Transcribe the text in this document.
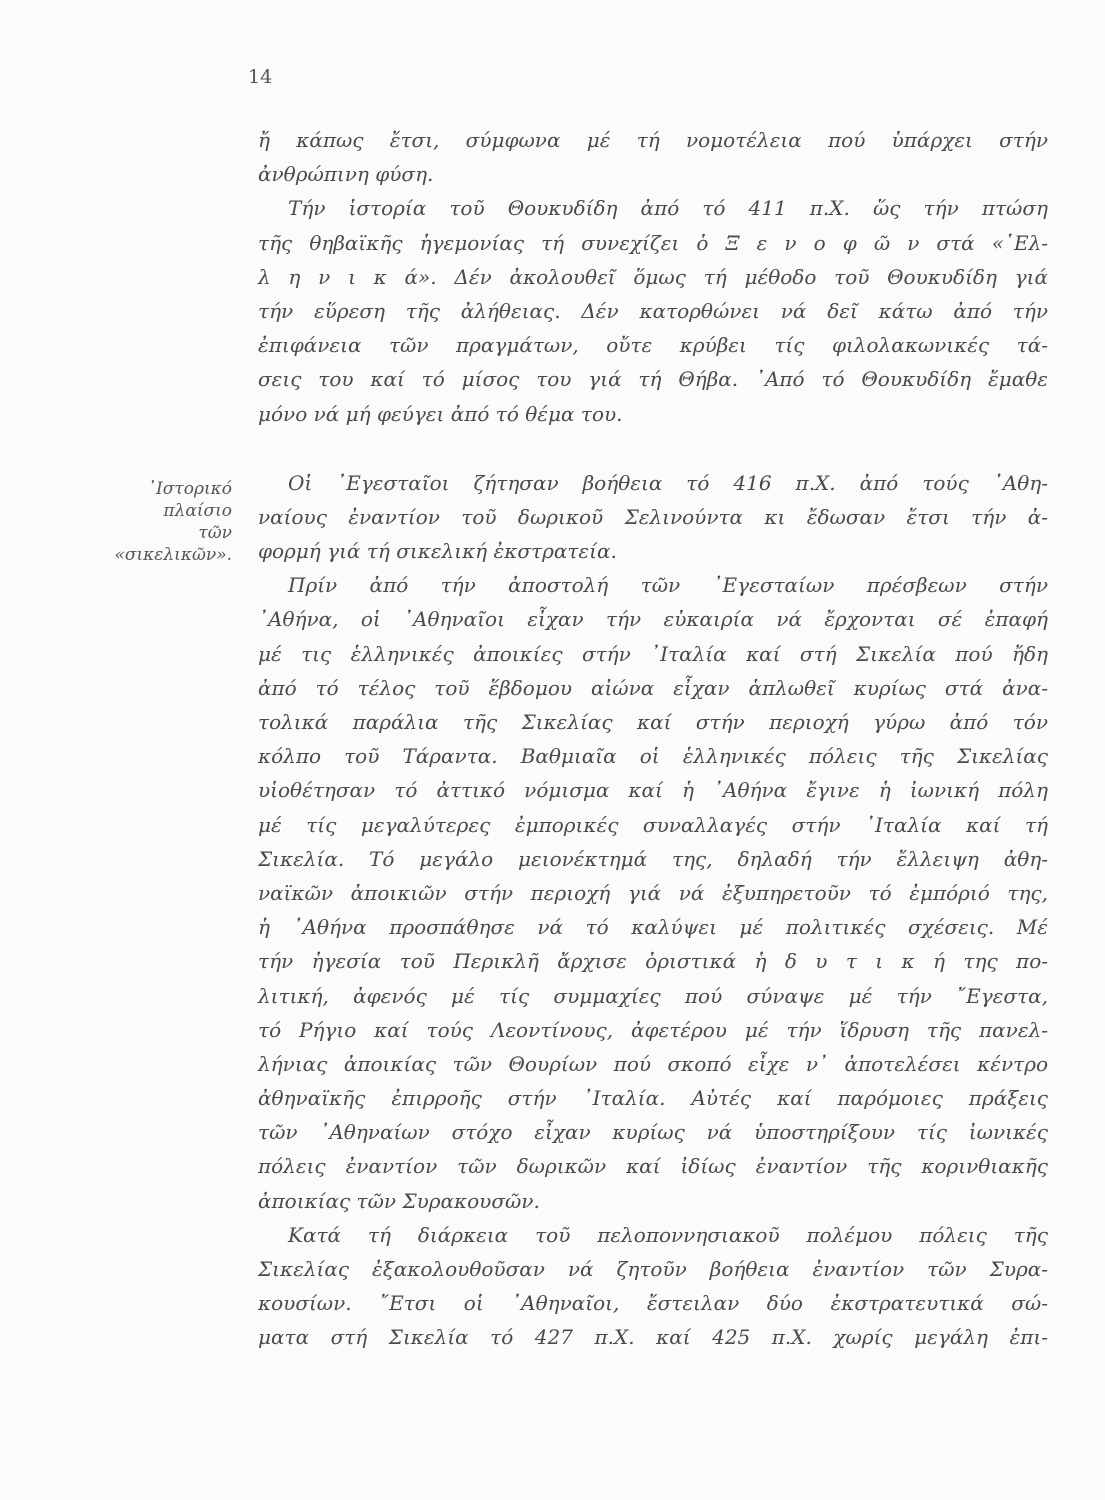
14
᾿Ιστορικό
πλαίσιο
τῶν
«σικελικῶν».
ἤ κάπως ἔτσι, σύμφωνα μέ τή νομοτέλεια πού ὑπάρχει στήν
ἀνθρώπινη φύση.
Τήν ἱστορία τοῦ Θουκυδίδη ἀπό τό 411 π.Χ. ὥς τήν πτώση
τῆς θηβαϊκῆς ἡγεμονίας τή συνεχίζει ὁ Ξ ε ν ο φ ῶ ν στά «῾Ελ-
λ η ν ι κ ά». Δέν ἀκολουθεῖ ὅμως τή μέθοδο τοῦ Θουκυδίδη γιά
τήν εὕρεση τῆς ἀλήθειας. Δέν κατορθώνει νά δεῖ κάτω ἀπό τήν
ἐπιφάνεια τῶν πραγμάτων, οὔτε κρύβει τίς φιλολακωνικές τά-
σεις του καί τό μίσος του γιά τή Θήβα. ᾿Από τό Θουκυδίδη ἔμαθε
μόνο νά μή φεύγει ἀπό τό θέμα του.
Οἱ ᾿Εγεσταῖοι ζήτησαν βοήθεια τό 416 π.Χ. ἀπό τούς ᾿Αθη-
ναίους ἐναντίον τοῦ δωρικοῦ Σελινούντα κι ἔδωσαν ἔτσι τήν ἀ-
φορμή γιά τή σικελική ἐκστρατεία.
Πρίν ἀπό τήν ἀποστολή τῶν ᾿Εγεσταίων πρέσβεων στήν
᾿Αθήνα, οἱ ᾿Αθηναῖοι εἶχαν τήν εὐκαιρία νά ἔρχονται σέ ἐπαφή
μέ τις ἑλληνικές ἀποικίες στήν ᾿Ιταλία καί στή Σικελία πού ἤδη
ἀπό τό τέλος τοῦ ἕβδομου αἰώνα εἶχαν ἁπλωθεῖ κυρίως στά ἀνα-
τολικά παράλια τῆς Σικελίας καί στήν περιοχή γύρω ἀπό τόν
κόλπο τοῦ Τάραντα. Βαθμιαῖα οἱ ἑλληνικές πόλεις τῆς Σικελίας
υἱοθέτησαν τό ἀττικό νόμισμα καί ἡ ᾿Αθήνα ἔγινε ἡ ἰωνική πόλη
μέ τίς μεγαλύτερες ἐμπορικές συναλλαγές στήν ᾿Ιταλία καί τή
Σικελία. Τό μεγάλο μειονέκτημά της, δηλαδή τήν ἔλλειψη ἀθη-
ναϊκῶν ἀποικιῶν στήν περιοχή γιά νά ἐξυπηρετοῦν τό ἐμπόριό της,
ἡ ᾿Αθήνα προσπάθησε νά τό καλύψει μέ πολιτικές σχέσεις. Μέ
τήν ἡγεσία τοῦ Περικλῆ ἄρχισε ὁριστικά ἡ δ υ τ ι κ ή της πο-
λιτική, ἀφενός μέ τίς συμμαχίες πού σύναψε μέ τήν ῎Εγεστα,
τό Ρήγιο καί τούς Λεοντίνους, ἀφετέρου μέ τήν ἵδρυση τῆς πανελ-
λήνιας ἀποικίας τῶν Θουρίων πού σκοπό εἶχε ν᾿ ἀποτελέσει κέντρο
ἀθηναϊκῆς ἐπιρροῆς στήν ᾿Ιταλία. Αὐτές καί παρόμοιες πράξεις
τῶν ᾿Αθηναίων στόχο εἶχαν κυρίως νά ὑποστηρίξουν τίς ἰωνικές
πόλεις ἐναντίον τῶν δωρικῶν καί ἰδίως ἐναντίον τῆς κορινθιακῆς
ἀποικίας τῶν Συρακουσῶν.
Κατά τή διάρκεια τοῦ πελοποννησιακοῦ πολέμου πόλεις τῆς
Σικελίας ἐξακολουθοῦσαν νά ζητοῦν βοήθεια ἐναντίον τῶν Συρα-
κουσίων. ῎Ετσι οἱ ᾿Αθηναῖοι, ἔστειλαν δύο ἐκστρατευτικά σώ-
ματα στή Σικελία τό 427 π.Χ. καί 425 π.Χ. χωρίς μεγάλη ἐπι-
